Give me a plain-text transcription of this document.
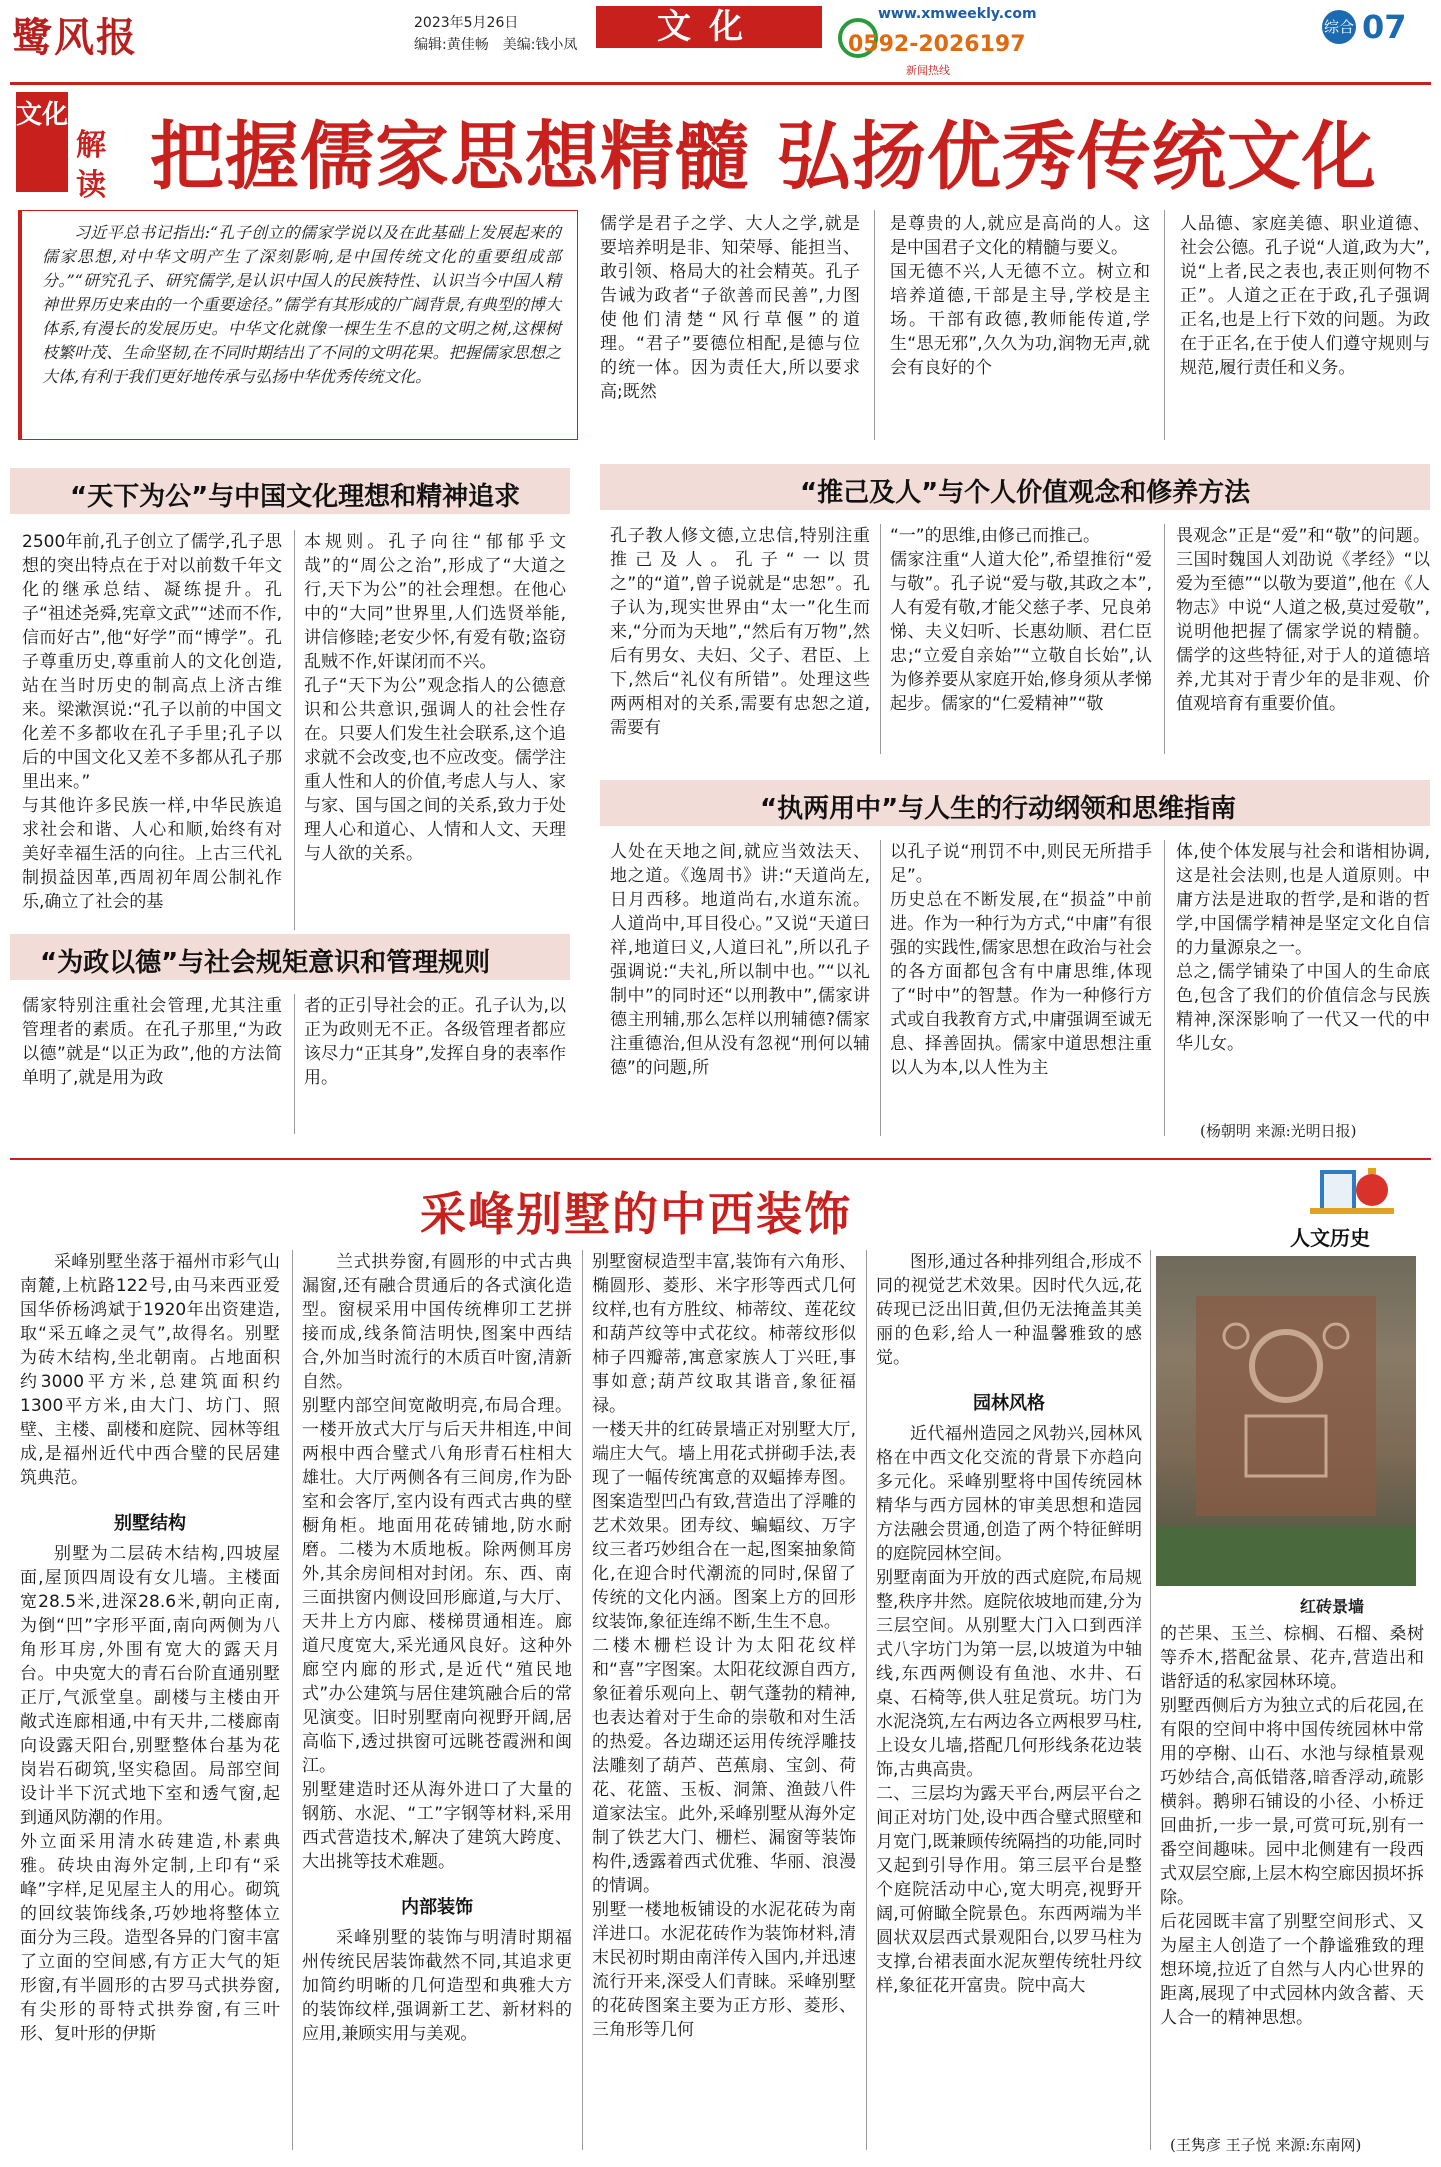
鹭风报	2023年5月26日
编辑:黄佳畅　美编:钱小凤	文化	www.xmweekly.com
0592-2026197
新闻热线
综合 07
文化
解读 把握儒家思想精髓 弘扬优秀传统文化

习近平总书记指出:“孔子创立的儒家学说以及在此基础上发展起来的儒家思想,对中华文明产生了深刻影响,是中国传统文化的重要组成部分。”“研究孔子、研究儒学,是认识中国人的民族特性、认识当今中国人精神世界历史来由的一个重要途径。”儒学有其形成的广阔背景,有典型的博大体系,有漫长的发展历史。中华文化就像一棵生生不息的文明之树,这棵树枝繁叶茂、生命坚韧,在不同时期结出了不同的文明花果。把握儒家思想之大体,有利于我们更好地传承与弘扬中华优秀传统文化。

儒学是君子之学、大人之学,就是要培养明是非、知荣辱、能担当、敢引领、格局大的社会精英。孔子告诫为政者“子欲善而民善”,力图使他们清楚“风行草偃”的道理。“君子”要德位相配,是德与位的统一体。因为责任大,所以要求高;既然
是尊贵的人,就应是高尚的人。这是中国君子文化的精髓与要义。
国无德不兴,人无德不立。树立和培养道德,干部是主导,学校是主场。干部有政德,教师能传道,学生“思无邪”,久久为功,润物无声,就会有良好的个
人品德、家庭美德、职业道德、社会公德。孔子说“人道,政为大”,说“上者,民之表也,表正则何物不正”。人道之正在于政,孔子强调正名,也是上行下效的问题。为政在于正名,在于使人们遵守规则与规范,履行责任和义务。
“天下为公”与中国文化理想和精神追求
2500年前,孔子创立了儒学,孔子思想的突出特点在于对以前数千年文化的继承总结、凝练提升。孔子“祖述尧舜,宪章文武”“述而不作,信而好古”,他“好学”而“博学”。孔子尊重历史,尊重前人的文化创造,站在当时历史的制高点上济古维来。梁漱溟说:“孔子以前的中国文化差不多都收在孔子手里;孔子以后的中国文化又差不多都从孔子那里出来。”
与其他许多民族一样,中华民族追求社会和谐、人心和顺,始终有对美好幸福生活的向往。上古三代礼制损益因革,西周初年周公制礼作乐,确立了社会的基
本规则。孔子向往“郁郁乎文哉”的“周公之治”,形成了“大道之行,天下为公”的社会理想。在他心中的“大同”世界里,人们选贤举能,讲信修睦;老安少怀,有爱有敬;盗窃乱贼不作,奸谋闭而不兴。
孔子“天下为公”观念指人的公德意识和公共意识,强调人的社会性存在。只要人们发生社会联系,这个追求就不会改变,也不应改变。儒学注重人性和人的价值,考虑人与人、家与家、国与国之间的关系,致力于处理人心和道心、人情和人文、天理与人欲的关系。
“推己及人”与个人价值观念和修养方法
孔子教人修文德,立忠信,特别注重推己及人。孔子“一以贯之”的“道”,曾子说就是“忠恕”。孔子认为,现实世界由“太一”化生而来,“分而为天地”,“然后有万物”,然后有男女、夫妇、父子、君臣、上下,然后“礼仪有所错”。处理这些两两相对的关系,需要有忠恕之道,需要有
“一”的思维,由修己而推己。
儒家注重“人道大伦”,希望推衍“爱与敬”。孔子说“爱与敬,其政之本”,人有爱有敬,才能父慈子孝、兄良弟悌、夫义妇听、长惠幼顺、君仁臣忠;“立爱自亲始”“立敬自长始”,认为修养要从家庭开始,修身须从孝悌起步。儒家的“仁爱精神”“敬
畏观念”正是“爱”和“敬”的问题。三国时魏国人刘劭说《孝经》“以爱为至德”“以敬为要道”,他在《人物志》中说“人道之极,莫过爱敬”,说明他把握了儒家学说的精髓。儒学的这些特征,对于人的道德培养,尤其对于青少年的是非观、价值观培育有重要价值。
“执两用中”与人生的行动纲领和思维指南
人处在天地之间,就应当效法天、地之道。《逸周书》讲:“天道尚左,日月西移。地道尚右,水道东流。人道尚中,耳目役心。”又说“天道曰祥,地道曰义,人道曰礼”,所以孔子强调说:“夫礼,所以制中也。”“以礼制中”的同时还“以刑教中”,儒家讲德主刑辅,那么怎样以刑辅德?儒家注重德治,但从没有忽视“刑何以辅德”的问题,所
以孔子说“刑罚不中,则民无所措手足”。
历史总在不断发展,在“损益”中前进。作为一种行为方式,“中庸”有很强的实践性,儒家思想在政治与社会的各方面都包含有中庸思维,体现了“时中”的智慧。作为一种修行方式或自我教育方式,中庸强调至诚无息、择善固执。儒家中道思想注重以人为本,以人性为主
体,使个体发展与社会和谐相协调,这是社会法则,也是人道原则。中庸方法是进取的哲学,是和谐的哲学,中国儒学精神是坚定文化自信的力量源泉之一。
总之,儒学铺染了中国人的生命底色,包含了我们的价值信念与民族精神,深深影响了一代又一代的中华儿女。
(杨朝明 来源:光明日报)
“为政以德”与社会规矩意识和管理规则
儒家特别注重社会管理,尤其注重管理者的素质。在孔子那里,“为政以德”就是“以正为政”,他的方法简单明了,就是用为政
者的正引导社会的正。孔子认为,以正为政则无不正。各级管理者都应该尽力“正其身”,发挥自身的表率作用。
采峰别墅的中西装饰	人文历史

采峰别墅坐落于福州市彩气山南麓,上杭路122号,由马来西亚爱国华侨杨鸿斌于1920年出资建造,取“采五峰之灵气”,故得名。别墅为砖木结构,坐北朝南。占地面积约3000平方米,总建筑面积约1300平方米,由大门、坊门、照壁、主楼、副楼和庭院、园林等组成,是福州近代中西合璧的民居建筑典范。

别墅结构

别墅为二层砖木结构,四坡屋面,屋顶四周设有女儿墙。主楼面宽28.5米,进深28.6米,朝向正南,为倒“凹”字形平面,南向两侧为八角形耳房,外围有宽大的露天月台。中央宽大的青石台阶直通别墅正厅,气派堂皇。副楼与主楼由开敞式连廊相通,中有天井,二楼廊南向设露天阳台,别墅整体台基为花岗岩石砌筑,坚实稳固。局部空间设计半下沉式地下室和透气窗,起到通风防潮的作用。
外立面采用清水砖建造,朴素典雅。砖块由海外定制,上印有“采峰”字样,足见屋主人的用心。砌筑的回纹装饰线条,巧妙地将整体立面分为三段。造型各异的门窗丰富了立面的空间感,有方正大气的矩形窗,有半圆形的古罗马式拱券窗,有尖形的哥特式拱券窗,有三叶形、复叶形的伊斯

兰式拱券窗,有圆形的中式古典漏窗,还有融合贯通后的各式演化造型。窗棂采用中国传统榫卯工艺拼接而成,线条简洁明快,图案中西结合,外加当时流行的木质百叶窗,清新自然。
别墅内部空间宽敞明亮,布局合理。一楼开放式大厅与后天井相连,中间两根中西合璧式八角形青石柱相大雄壮。大厅两侧各有三间房,作为卧室和会客厅,室内设有西式古典的壁橱角柜。地面用花砖铺地,防水耐磨。二楼为木质地板。除两侧耳房外,其余房间相对封闭。东、西、南三面拱窗内侧设回形廊道,与大厅、天井上方内廊、楼梯贯通相连。廊道尺度宽大,采光通风良好。这种外廊空内廊的形式,是近代“殖民地式”办公建筑与居住建筑融合后的常见演变。旧时别墅南向视野开阔,居高临下,透过拱窗可远眺苍霞洲和闽江。
别墅建造时还从海外进口了大量的钢筋、水泥、“工”字钢等材料,采用西式营造技术,解决了建筑大跨度、大出挑等技术难题。

内部装饰

采峰别墅的装饰与明清时期福州传统民居装饰截然不同,其追求更加简约明晰的几何造型和典雅大方的装饰纹样,强调新工艺、新材料的应用,兼顾实用与美观。

别墅窗棂造型丰富,装饰有六角形、椭圆形、菱形、米字形等西式几何纹样,也有方胜纹、柿蒂纹、莲花纹和葫芦纹等中式花纹。柿蒂纹形似柿子四瓣蒂,寓意家族人丁兴旺,事事如意;葫芦纹取其谐音,象征福禄。
一楼天井的红砖景墙正对别墅大厅,端庄大气。墙上用花式拼砌手法,表现了一幅传统寓意的双蝠捧寿图。图案造型凹凸有致,营造出了浮雕的艺术效果。团寿纹、蝙蝠纹、万字纹三者巧妙组合在一起,图案抽象简化,在迎合时代潮流的同时,保留了传统的文化内涵。图案上方的回形纹装饰,象征连绵不断,生生不息。
二楼木栅栏设计为太阳花纹样和“喜”字图案。太阳花纹源自西方,象征着乐观向上、朝气蓬勃的精神,也表达着对于生命的崇敬和对生活的热爱。各边瑚还运用传统浮雕技法雕刻了葫芦、芭蕉扇、宝剑、荷花、花篮、玉板、洞箫、渔鼓八件道家法宝。此外,采峰别墅从海外定制了铁艺大门、栅栏、漏窗等装饰构件,透露着西式优雅、华丽、浪漫的情调。
别墅一楼地板铺设的水泥花砖为南洋进口。水泥花砖作为装饰材料,清末民初时期由南洋传入国内,并迅速流行开来,深受人们青睐。采峰别墅的花砖图案主要为正方形、菱形、三角形等几何

图形,通过各种排列组合,形成不同的视觉艺术效果。因时代久远,花砖现已泛出旧黄,但仍无法掩盖其美丽的色彩,给人一种温馨雅致的感觉。

园林风格

近代福州造园之风勃兴,园林风格在中西文化交流的背景下亦趋向多元化。采峰别墅将中国传统园林精华与西方园林的审美思想和造园方法融会贯通,创造了两个特征鲜明的庭院园林空间。
别墅南面为开放的西式庭院,布局规整,秩序井然。庭院依坡地而建,分为三层空间。从别墅大门入口到西洋式八字坊门为第一层,以坡道为中轴线,东西两侧设有鱼池、水井、石桌、石椅等,供人驻足赏玩。坊门为水泥浇筑,左右两边各立两根罗马柱,上设女儿墙,搭配几何形线条花边装饰,古典高贵。
二、三层均为露天平台,两层平台之间正对坊门处,设中西合璧式照壁和月宽门,既兼顾传统隔挡的功能,同时又起到引导作用。第三层平台是整个庭院活动中心,宽大明亮,视野开阔,可俯瞰全院景色。东西两端为半圆状双层西式景观阳台,以罗马柱为支撑,台裙表面水泥灰塑传统牡丹纹样,象征花开富贵。院中高大

红砖景墙
的芒果、玉兰、棕榈、石榴、桑树等乔木,搭配盆景、花卉,营造出和谐舒适的私家园林环境。
别墅西侧后方为独立式的后花园,在有限的空间中将中国传统园林中常用的亭榭、山石、水池与绿植景观巧妙结合,高低错落,暗香浮动,疏影横斜。鹅卵石铺设的小径、小桥迂回曲折,一步一景,可赏可玩,别有一番空间趣味。园中北侧建有一段西式双层空廊,上层木构空廊因损坏拆除。
后花园既丰富了别墅空间形式、又为屋主人创造了一个静谧雅致的理想环境,拉近了自然与人内心世界的距离,展现了中式园林内敛含蓄、天人合一的精神思想。
(王隽彦 王子悦 来源:东南网)
